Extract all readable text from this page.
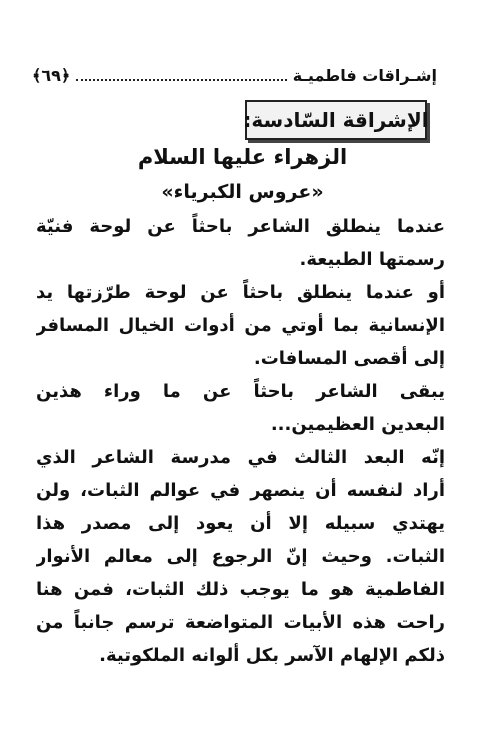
إشـراقات فاطميـة
﴿٦٩﴾
الإشراقة السّادسة:
الزهراء عليها السلام
«عروس الكبرياء»
عندما ينطلق الشاعر باحثاً عن لوحة فنيّة
رسمتها الطبيعة.
أو عندما ينطلق باحثاً عن لوحة طرّزتها يد
الإنسانية بما أوتي من أدوات الخيال المسافر
إلى أقصى المسافات.
يبقى الشاعر باحثاً عن ما وراء هذين
البعدين العظيمين...
إنّه البعد الثالث في مدرسة الشاعر الذي
أراد لنفسه أن ينصهر في عوالم الثبات، ولن
يهتدي سبيله إلا أن يعود إلى مصدر هذا
الثبات. وحيث إنّ الرجوع إلى معالم الأنوار
الفاطمية هو ما يوجب ذلك الثبات، فمن هنا
راحت هذه الأبيات المتواضعة ترسم جانباً من
ذلكم الإلهام الآسر بكل ألوانه الملكوتية.
